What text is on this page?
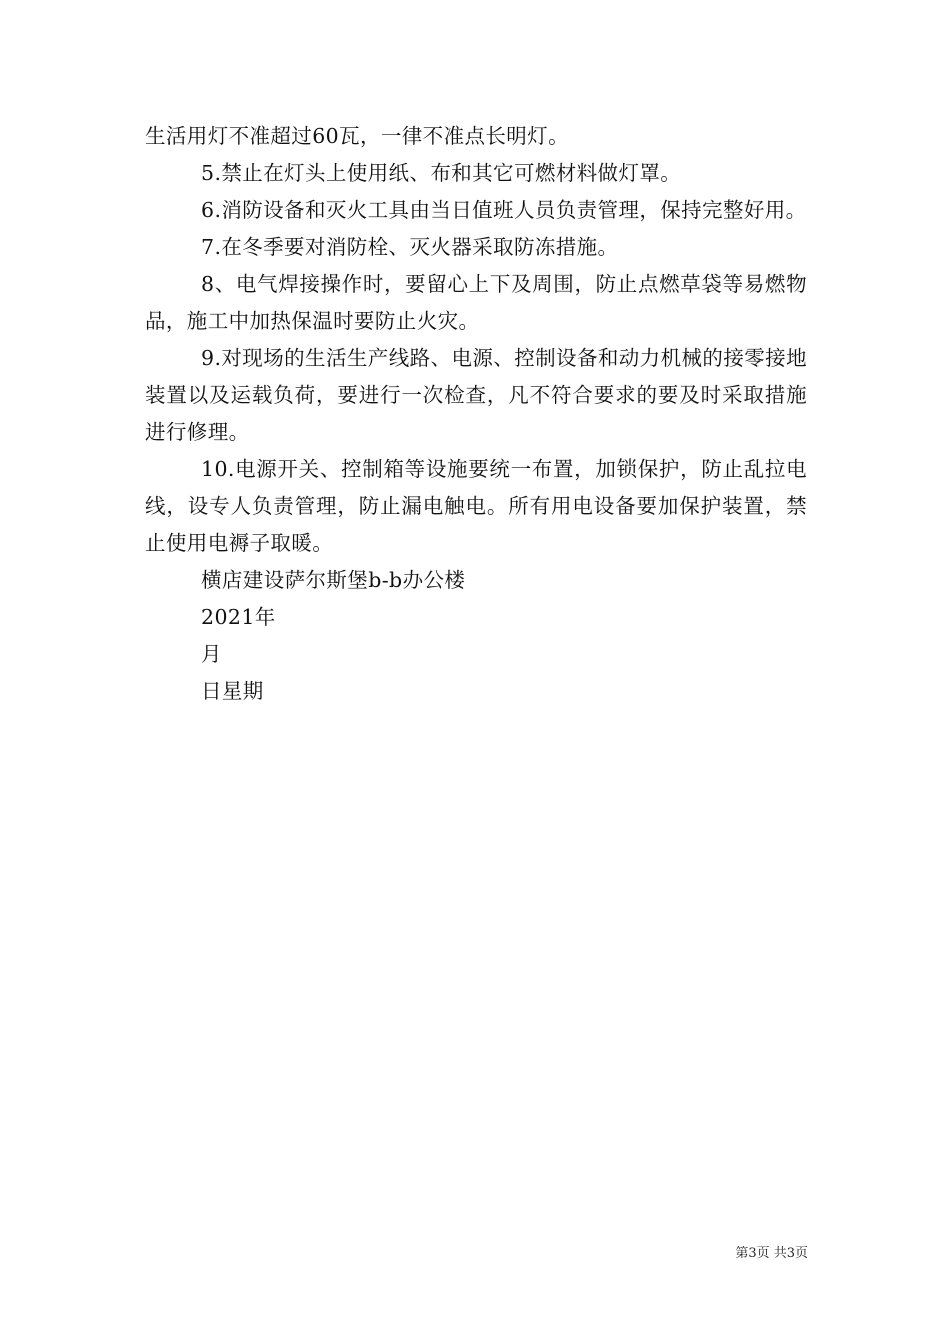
生活用灯不准超过60瓦，一律不准点长明灯。

5.禁止在灯头上使用纸、布和其它可燃材料做灯罩。

6.消防设备和灭火工具由当日值班人员负责管理，保持完整好用。

7.在冬季要对消防栓、灭火器采取防冻措施。

8、电气焊接操作时，要留心上下及周围，防止点燃草袋等易燃物品，施工中加热保温时要防止火灾。

9.对现场的生活生产线路、电源、控制设备和动力机械的接零接地装置以及运载负荷，要进行一次检查，凡不符合要求的要及时采取措施进行修理。

10.电源开关、控制箱等设施要统一布置，加锁保护，防止乱拉电线，设专人负责管理，防止漏电触电。所有用电设备要加保护装置，禁止使用电褥子取暖。

横店建设萨尔斯堡b-b办公楼

2021年

月

日星期

第3页 共3页
